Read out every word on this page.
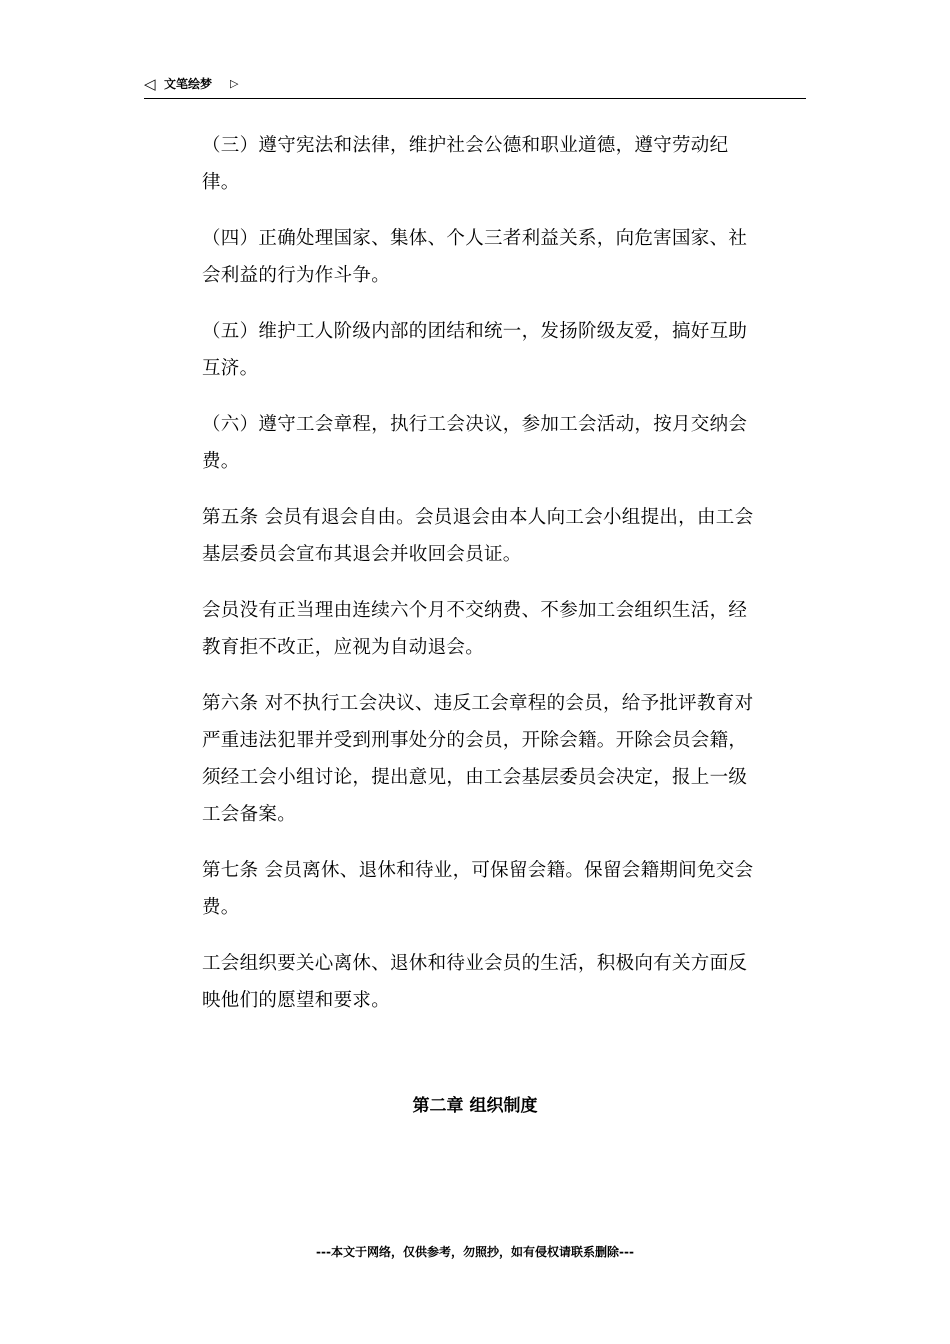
◁ 文笔绘梦 ▷

（三）遵守宪法和法律，维护社会公德和职业道德，遵守劳动纪律。

（四）正确处理国家、集体、个人三者利益关系，向危害国家、社会利益的行为作斗争。

（五）维护工人阶级内部的团结和统一，发扬阶级友爱，搞好互助互济。

（六）遵守工会章程，执行工会决议，参加工会活动，按月交纳会费。

第五条 会员有退会自由。会员退会由本人向工会小组提出，由工会基层委员会宣布其退会并收回会员证。

会员没有正当理由连续六个月不交纳费、不参加工会组织生活，经教育拒不改正，应视为自动退会。

第六条 对不执行工会决议、违反工会章程的会员，给予批评教育对严重违法犯罪并受到刑事处分的会员，开除会籍。开除会员会籍，须经工会小组讨论，提出意见，由工会基层委员会决定，报上一级工会备案。

第七条 会员离休、退休和待业，可保留会籍。保留会籍期间免交会费。

工会组织要关心离休、退休和待业会员的生活，积极向有关方面反映他们的愿望和要求。

第二章 组织制度
---本文于网络，仅供参考，勿照抄，如有侵权请联系删除---
